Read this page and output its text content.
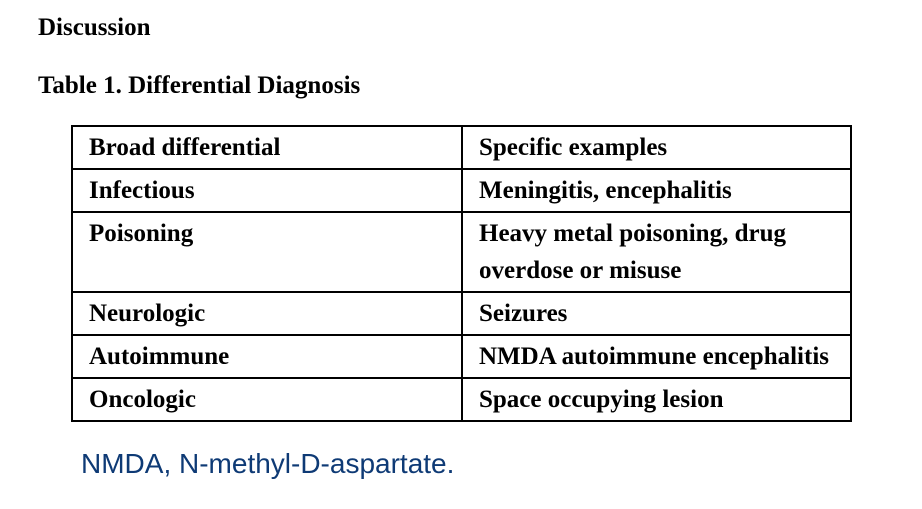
Discussion
Table 1. Differential Diagnosis
Broad differential	Specific examples
Infectious	Meningitis, encephalitis
Poisoning	Heavy metal poisoning, drug overdose or misuse
Neurologic	Seizures
Autoimmune	NMDA autoimmune encephalitis
Oncologic	Space occupying lesion

NMDA, N-methyl-D-aspartate.
